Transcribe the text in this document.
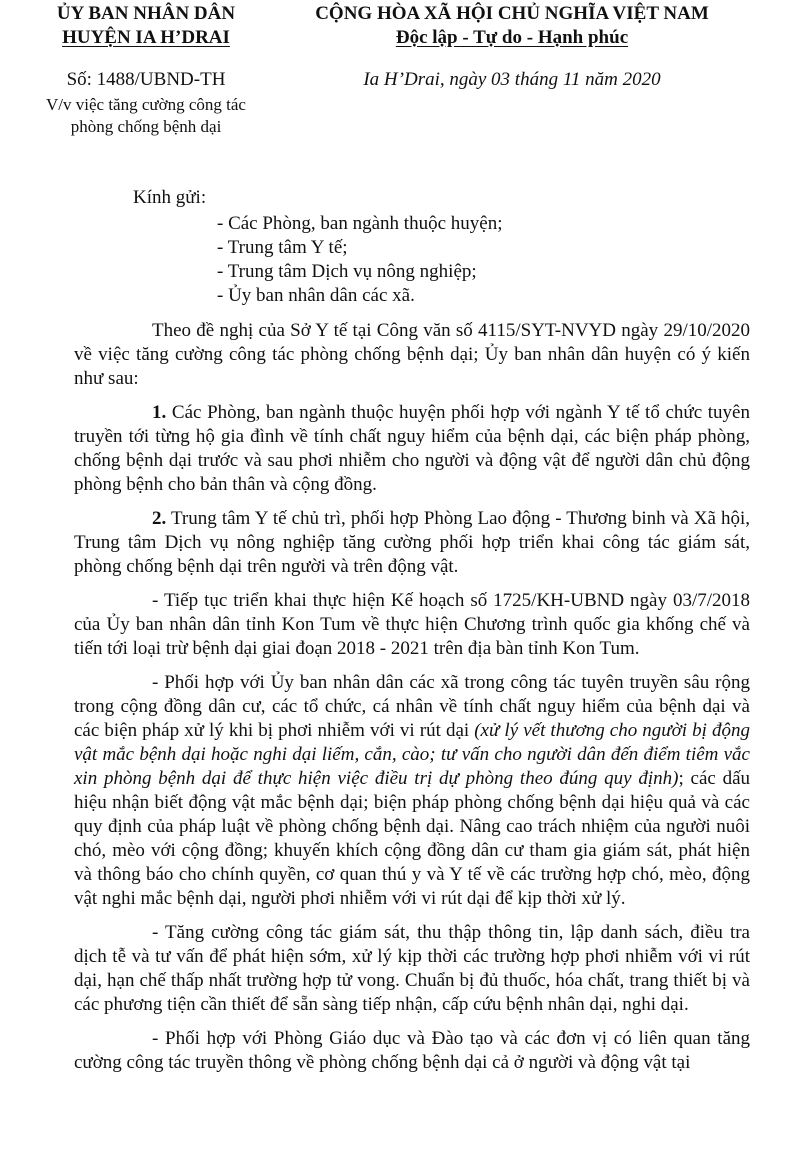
ỦY BAN NHÂN DÂN
HUYỆN IA H’DRAI
CỘNG HÒA XÃ HỘI CHỦ NGHĨA VIỆT NAM
Độc lập - Tự do - Hạnh phúc
Số: 1488/UBND-TH
V/v việc tăng cường công tác
phòng chống bệnh dại
Ia H’Drai, ngày 03 tháng 11 năm 2020
Kính gửi:
- Các Phòng, ban ngành thuộc huyện;
- Trung tâm Y tế;
- Trung tâm Dịch vụ nông nghiệp;
- Ủy ban nhân dân các xã.

Theo đề nghị của Sở Y tế tại Công văn số 4115/SYT-NVYD ngày 29/10/2020 về việc tăng cường công tác phòng chống bệnh dại; Ủy ban nhân dân huyện có ý kiến như sau:

1. Các Phòng, ban ngành thuộc huyện phối hợp với ngành Y tế tổ chức tuyên truyền tới từng hộ gia đình về tính chất nguy hiểm của bệnh dại, các biện pháp phòng, chống bệnh dại trước và sau phơi nhiễm cho người và động vật để người dân chủ động phòng bệnh cho bản thân và cộng đồng.

2. Trung tâm Y tế chủ trì, phối hợp Phòng Lao động - Thương binh và Xã hội, Trung tâm Dịch vụ nông nghiệp tăng cường phối hợp triển khai công tác giám sát, phòng chống bệnh dại trên người và trên động vật.

- Tiếp tục triển khai thực hiện Kế hoạch số 1725/KH-UBND ngày 03/7/2018 của Ủy ban nhân dân tỉnh Kon Tum về thực hiện Chương trình quốc gia khống chế và tiến tới loại trừ bệnh dại giai đoạn 2018 - 2021 trên địa bàn tỉnh Kon Tum.

- Phối hợp với Ủy ban nhân dân các xã trong công tác tuyên truyền sâu rộng trong cộng đồng dân cư, các tổ chức, cá nhân về tính chất nguy hiểm của bệnh dại và các biện pháp xử lý khi bị phơi nhiễm với vi rút dại (xử lý vết thương cho người bị động vật mắc bệnh dại hoặc nghi dại liếm, cắn, cào; tư vấn cho người dân đến điểm tiêm vắc xin phòng bệnh dại để thực hiện việc điều trị dự phòng theo đúng quy định); các dấu hiệu nhận biết động vật mắc bệnh dại; biện pháp phòng chống bệnh dại hiệu quả và các quy định của pháp luật về phòng chống bệnh dại. Nâng cao trách nhiệm của người nuôi chó, mèo với cộng đồng; khuyến khích cộng đồng dân cư tham gia giám sát, phát hiện và thông báo cho chính quyền, cơ quan thú y và Y tế về các trường hợp chó, mèo, động vật nghi mắc bệnh dại, người phơi nhiễm với vi rút dại để kịp thời xử lý.

- Tăng cường công tác giám sát, thu thập thông tin, lập danh sách, điều tra dịch tễ và tư vấn để phát hiện sớm, xử lý kịp thời các trường hợp phơi nhiễm với vi rút dại, hạn chế thấp nhất trường hợp tử vong. Chuẩn bị đủ thuốc, hóa chất, trang thiết bị và các phương tiện cần thiết để sẵn sàng tiếp nhận, cấp cứu bệnh nhân dại, nghi dại.

- Phối hợp với Phòng Giáo dục và Đào tạo và các đơn vị có liên quan tăng cường công tác truyền thông về phòng chống bệnh dại cả ở người và động vật tại
